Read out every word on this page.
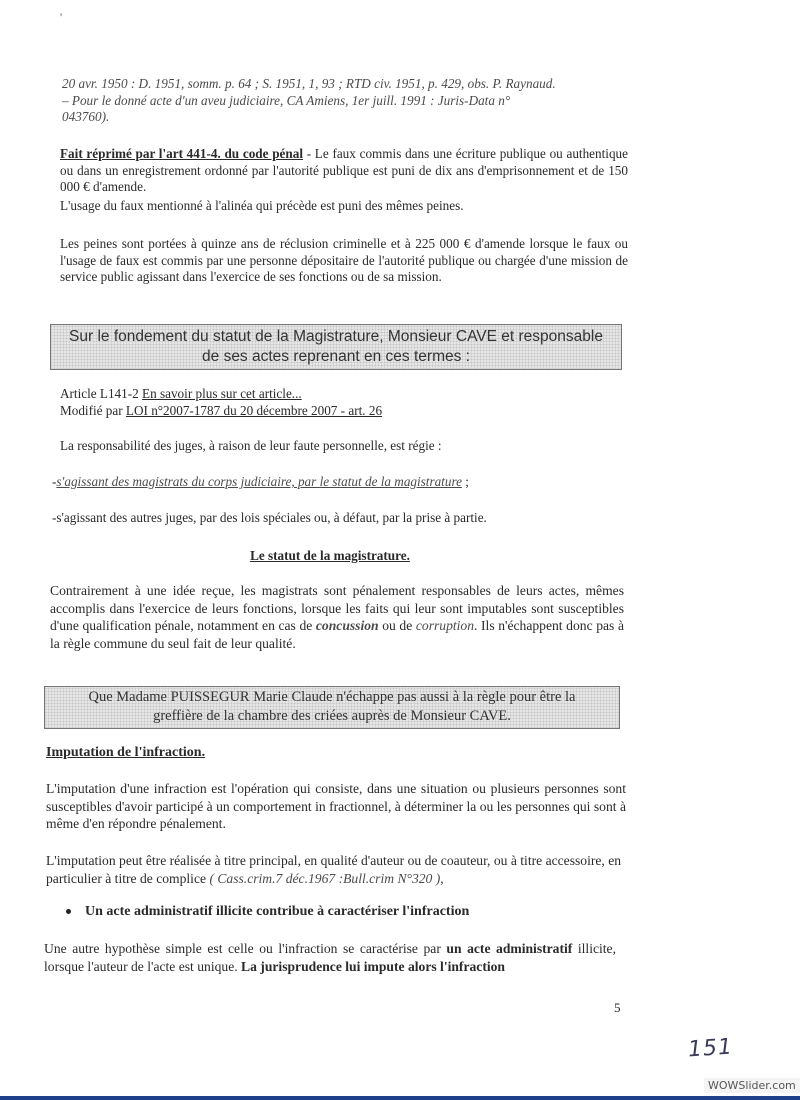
'
20 avr. 1950 : D. 1951, somm. p. 64 ; S. 1951, 1, 93 ; RTD civ. 1951, p. 429, obs. P. Raynaud.
– Pour le donné acte d'un aveu judiciaire, CA Amiens, 1er juill. 1991 : Juris-Data n°
043760).

Fait réprimé par l'art 441-4. du code pénal - Le faux commis dans une écriture publique ou authentique ou dans un enregistrement ordonné par l'autorité publique est puni de dix ans d'emprisonnement et de 150 000 € d'amende.

L'usage du faux mentionné à l'alinéa qui précède est puni des mêmes peines.

Les peines sont portées à quinze ans de réclusion criminelle et à 225 000 € d'amende lorsque le faux ou l'usage de faux est commis par une personne dépositaire de l'autorité publique ou chargée d'une mission de service public agissant dans l'exercice de ses fonctions ou de sa mission.

Sur le fondement du statut de la Magistrature, Monsieur CAVE et responsable
de ses actes reprenant en ces termes :
Article L141-2 En savoir plus sur cet article...
Modifié par LOI n°2007-1787 du 20 décembre 2007 - art. 26

La responsabilité des juges, à raison de leur faute personnelle, est régie :

-s'agissant des magistrats du corps judiciaire, par le statut de la magistrature ;

-s'agissant des autres juges, par des lois spéciales ou, à défaut, par la prise à partie.

Le statut de la magistrature.

Contrairement à une idée reçue, les magistrats sont pénalement responsables de leurs actes, mêmes accomplis dans l'exercice de leurs fonctions, lorsque les faits qui leur sont imputables sont susceptibles d'une qualification pénale, notamment en cas de concussion ou de corruption. Ils n'échappent donc pas à la règle commune du seul fait de leur qualité.

Que Madame PUISSEGUR Marie Claude n'échappe pas aussi à la règle pour être la
greffière de la chambre des criées auprès de Monsieur CAVE.
Imputation de l'infraction.

L'imputation d'une infraction est l'opération qui consiste, dans une situation ou plusieurs personnes sont susceptibles d'avoir participé à un comportement in fractionnel, à déterminer la ou les personnes qui sont à même d'en répondre pénalement.

L'imputation peut être réalisée à titre principal, en qualité d'auteur ou de coauteur, ou à titre accessoire, en particulier à titre de complice ( Cass.crim.7 déc.1967 :Bull.crim N°320 ),

Un acte administratif illicite contribue à caractériser l'infraction

Une autre hypothèse simple est celle ou l'infraction se caractérise par un acte administratif illicite, lorsque l'auteur de l'acte est unique. La jurisprudence lui impute alors l'infraction

5
151
WOWSlider.com
